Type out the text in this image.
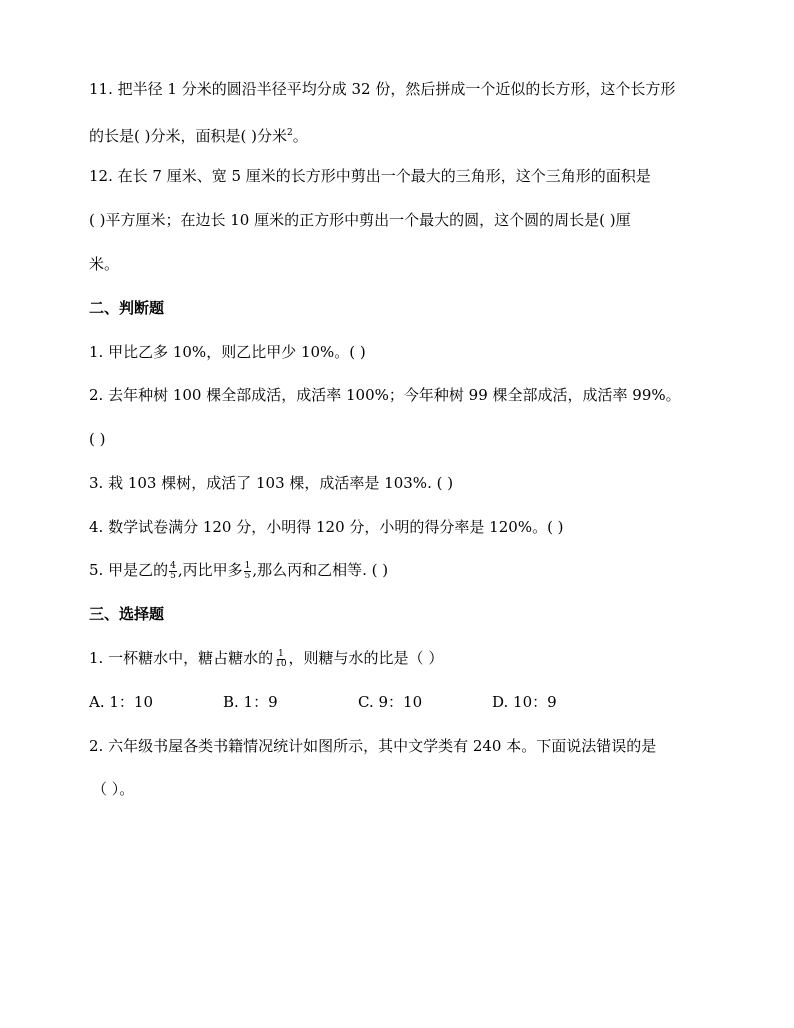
11. 把半径 1 分米的圆沿半径平均分成 32 份，然后拼成一个近似的长方形，这个长方形
的长是( )分米，面积是( )分米$^2$。
12. 在长 7 厘米、宽 5 厘米的长方形中剪出一个最大的三角形，这个三角形的面积是
( )平方厘米；在边长 10 厘米的正方形中剪出一个最大的圆，这个圆的周长是( )厘
米。
二、判断题
1. 甲比乙多 10%，则乙比甲少 10%。( )
2. 去年种树 100 棵全部成活，成活率 100%；今年种树 99 棵全部成活，成活率 99%。
( )
3. 栽 103 棵树，成活了 103 棵，成活率是 103%. ( )
4. 数学试卷满分 120 分，小明得 120 分，小明的得分率是 120%。( )
5. 甲是乙的 $\frac{4}{5}$ ,丙比甲多 $\frac{1}{5}$ ,那么丙和乙相等. ( )
三、选择题
1. 一杯糖水中，糖占糖水的 $\frac{1}{10}$ ，则糖与水的比是（ ）
A. 1：10	B. 1：9	C. 9：10	D. 10：9
2. 六年级书屋各类书籍情况统计如图所示，其中文学类有 240 本。下面说法错误的是
（ ）。
